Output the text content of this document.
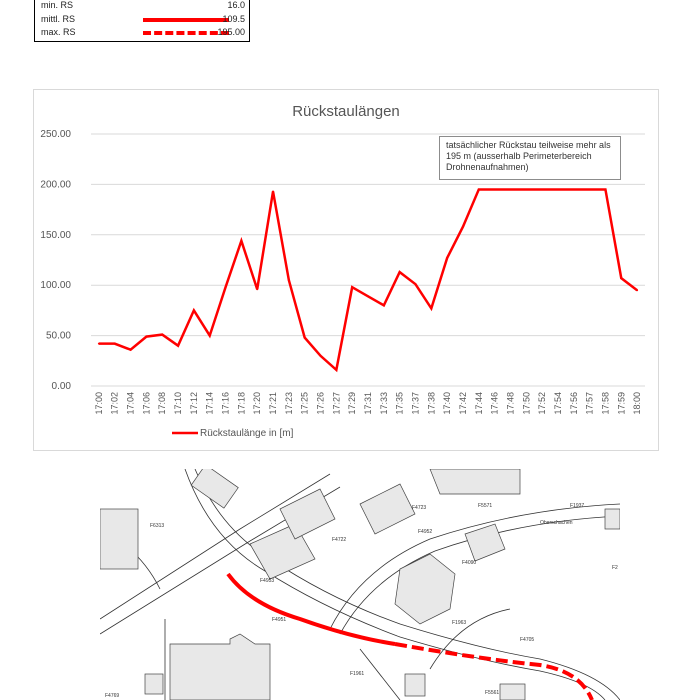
min. RS	16.0
mittl. RS	109.5
max. RS	195.00
Rückstaulängen
0.00
50.00
100.00
150.00
200.00
250.00
17:00 17:02 17:04 17:06 17:08 17:10 17:12 17:14 17:16 17:18 17:20 17:21 17:23 17:25 17:26 17:27 17:29 17:31 17:33 17:35 17:37 17:38 17:40 17:42 17:44 17:46 17:48 17:50 17:52 17:54 17:56 17:57 17:58 17:59 18:00
Rückstaulänge in [m]
tatsächlicher Rückstau teilweise mehr als 195 m (ausserhalb Perimeterbereich Drohnenaufnahmen)
F6313
F4953
F4722
F4723	F5571	F1937
Oberschachen
F4952
F4090
F4951	F1963
F4705
F1961
F4769	F5561
F2
